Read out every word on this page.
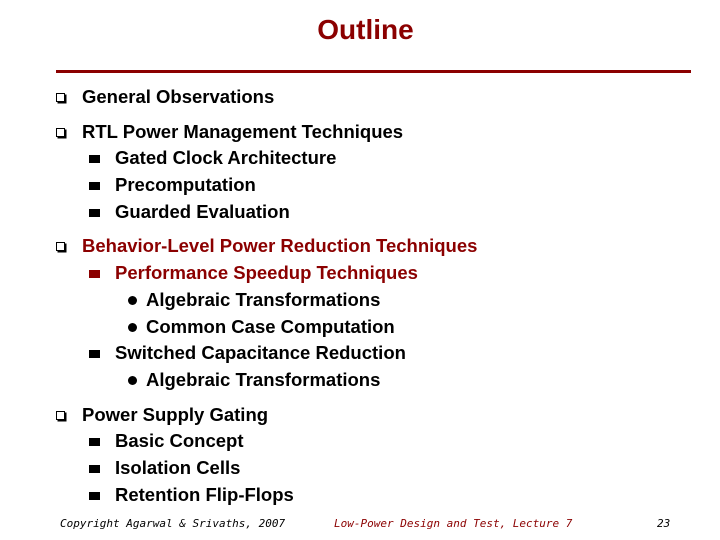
Outline
General Observations
RTL Power Management Techniques
Gated Clock Architecture
Precomputation
Guarded Evaluation
Behavior-Level Power Reduction Techniques
Performance Speedup Techniques
Algebraic Transformations
Common Case Computation
Switched Capacitance Reduction
Algebraic Transformations
Power Supply Gating
Basic Concept
Isolation Cells
Retention Flip-Flops
Copyright Agarwal & Srivaths, 2007	Low-Power Design and Test, Lecture 7	23
